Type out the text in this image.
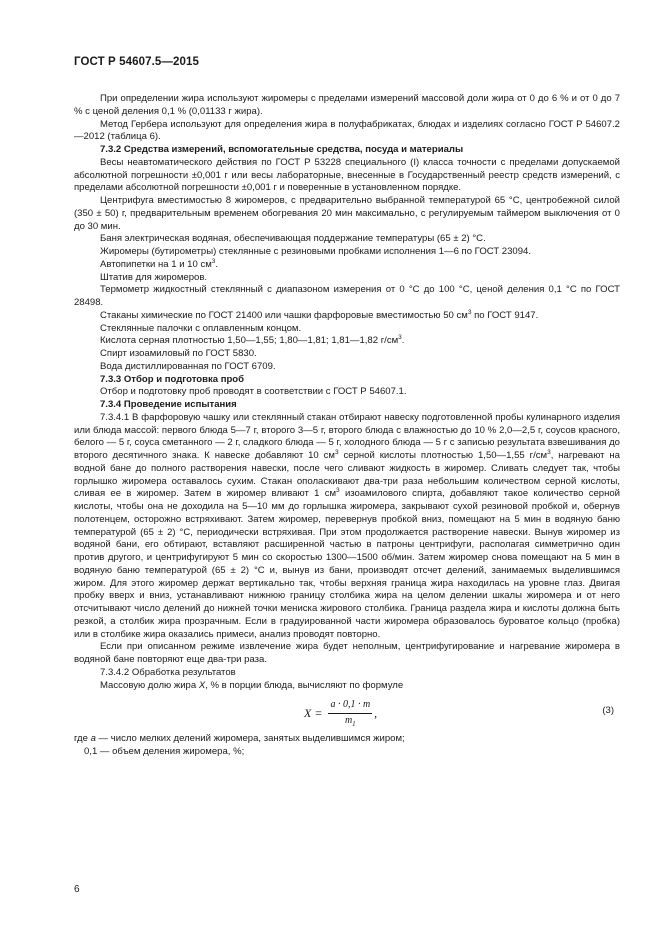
ГОСТ Р 54607.5—2015

При определении жира используют жиромеры с пределами измерений массовой доли жира от 0 до 6 % и от 0 до 7 % с ценой деления 0,1 % (0,01133 г жира).

Метод Гербера используют для определения жира в полуфабрикатах, блюдах и изделиях согласно ГОСТ Р 54607.2—2012 (таблица 6).

7.3.2 Средства измерений, вспомогательные средства, посуда и материалы

Весы неавтоматического действия по ГОСТ Р 53228 специального (I) класса точности с пределами допускаемой абсолютной погрешности ±0,001 г или весы лабораторные, внесенные в Государственный реестр средств измерений, с пределами абсолютной погрешности ±0,001 г и поверенные в установленном порядке.

Центрифуга вместимостью 8 жиромеров, с предварительно выбранной температурой 65 °С, центробежной силой (350 ± 50) г, предварительным временем обогревания 20 мин максимально, с регулируемым таймером выключения от 0 до 30 мин.

Баня электрическая водяная, обеспечивающая поддержание температуры (65 ± 2) °С.

Жиромеры (бутирометры) стеклянные с резиновыми пробками исполнения 1—6 по ГОСТ 23094.

Автопипетки на 1 и 10 $см^3$.

Штатив для жиромеров.

Термометр жидкостный стеклянный с диапазоном измерения от 0 °С до 100 °С, ценой деления 0,1 °С по ГОСТ 28498.

Стаканы химические по ГОСТ 21400 или чашки фарфоровые вместимостью 50 $см^3$ по ГОСТ 9147.

Стеклянные палочки с оплавленным концом.

Кислота серная плотностью 1,50—1,55; 1,80—1,81; 1,81—1,82 $г/см^3$.

Спирт изоамиловый по ГОСТ 5830.

Вода дистиллированная по ГОСТ 6709.

7.3.3 Отбор и подготовка проб

Отбор и подготовку проб проводят в соответствии с ГОСТ Р 54607.1.

7.3.4 Проведение испытания

7.3.4.1 В фарфоровую чашку или стеклянный стакан отбирают навеску подготовленной пробы кулинарного изделия или блюда массой: первого блюда 5—7 г, второго 3—5 г, второго блюда с влажностью до 10 % 2,0—2,5 г, соусов красного, белого — 5 г, соуса сметанного — 2 г, сладкого блюда — 5 г, холодного блюда — 5 г с записью результата взвешивания до второго десятичного знака. К навеске добавляют 10 $см^3$ серной кислоты плотностью 1,50—1,55 $г/см^3$, нагревают на водной бане до полного растворения навески, после чего сливают жидкость в жиромер. Сливать следует так, чтобы горлышко жиромера оставалось сухим. Стакан ополаскивают два-три раза небольшим количеством серной кислоты, сливая ее в жиромер. Затем в жиромер вливают 1 $см^3$ изоамилового спирта, добавляют такое количество серной кислоты, чтобы она не доходила на 5—10 мм до горлышка жиромера, закрывают сухой резиновой пробкой и, обернув полотенцем, осторожно встряхивают. Затем жиромер, перевернув пробкой вниз, помещают на 5 мин в водяную баню температурой (65 ± 2) °С, периодически встряхивая. При этом продолжается растворение навески. Вынув жиромер из водяной бани, его обтирают, вставляют расширенной частью в патроны центрифуги, располагая симметрично один против другого, и центрифугируют 5 мин со скоростью 1300—1500 об/мин. Затем жиромер снова помещают на 5 мин в водяную баню температурой (65 ± 2) °С и, вынув из бани, производят отсчет делений, занимаемых выделившимся жиром. Для этого жиромер держат вертикально так, чтобы верхняя граница жира находилась на уровне глаз. Двигая пробку вверх и вниз, устанавливают нижнюю границу столбика жира на целом делении шкалы жиромера и от него отсчитывают число делений до нижней точки мениска жирового столбика. Граница раздела жира и кислоты должна быть резкой, а столбик жира прозрачным. Если в градуированной части жиромера образовалось буроватое кольцо (пробка) или в столбике жира оказались примеси, анализ проводят повторно.

Если при описанном режиме извлечение жира будет неполным, центрифугирование и нагревание жиромера в водяной бане повторяют еще два-три раза.

7.3.4.2 Обработка результатов

Массовую долю жира X, % в порции блюда, вычисляют по формуле

$X = \frac{a \cdot 0,1 \cdot m}{m_1}$ ,	(3)

где a — число мелких делений жиромера, занятых выделившимся жиром;

0,1 — объем деления жиромера, %;

6
